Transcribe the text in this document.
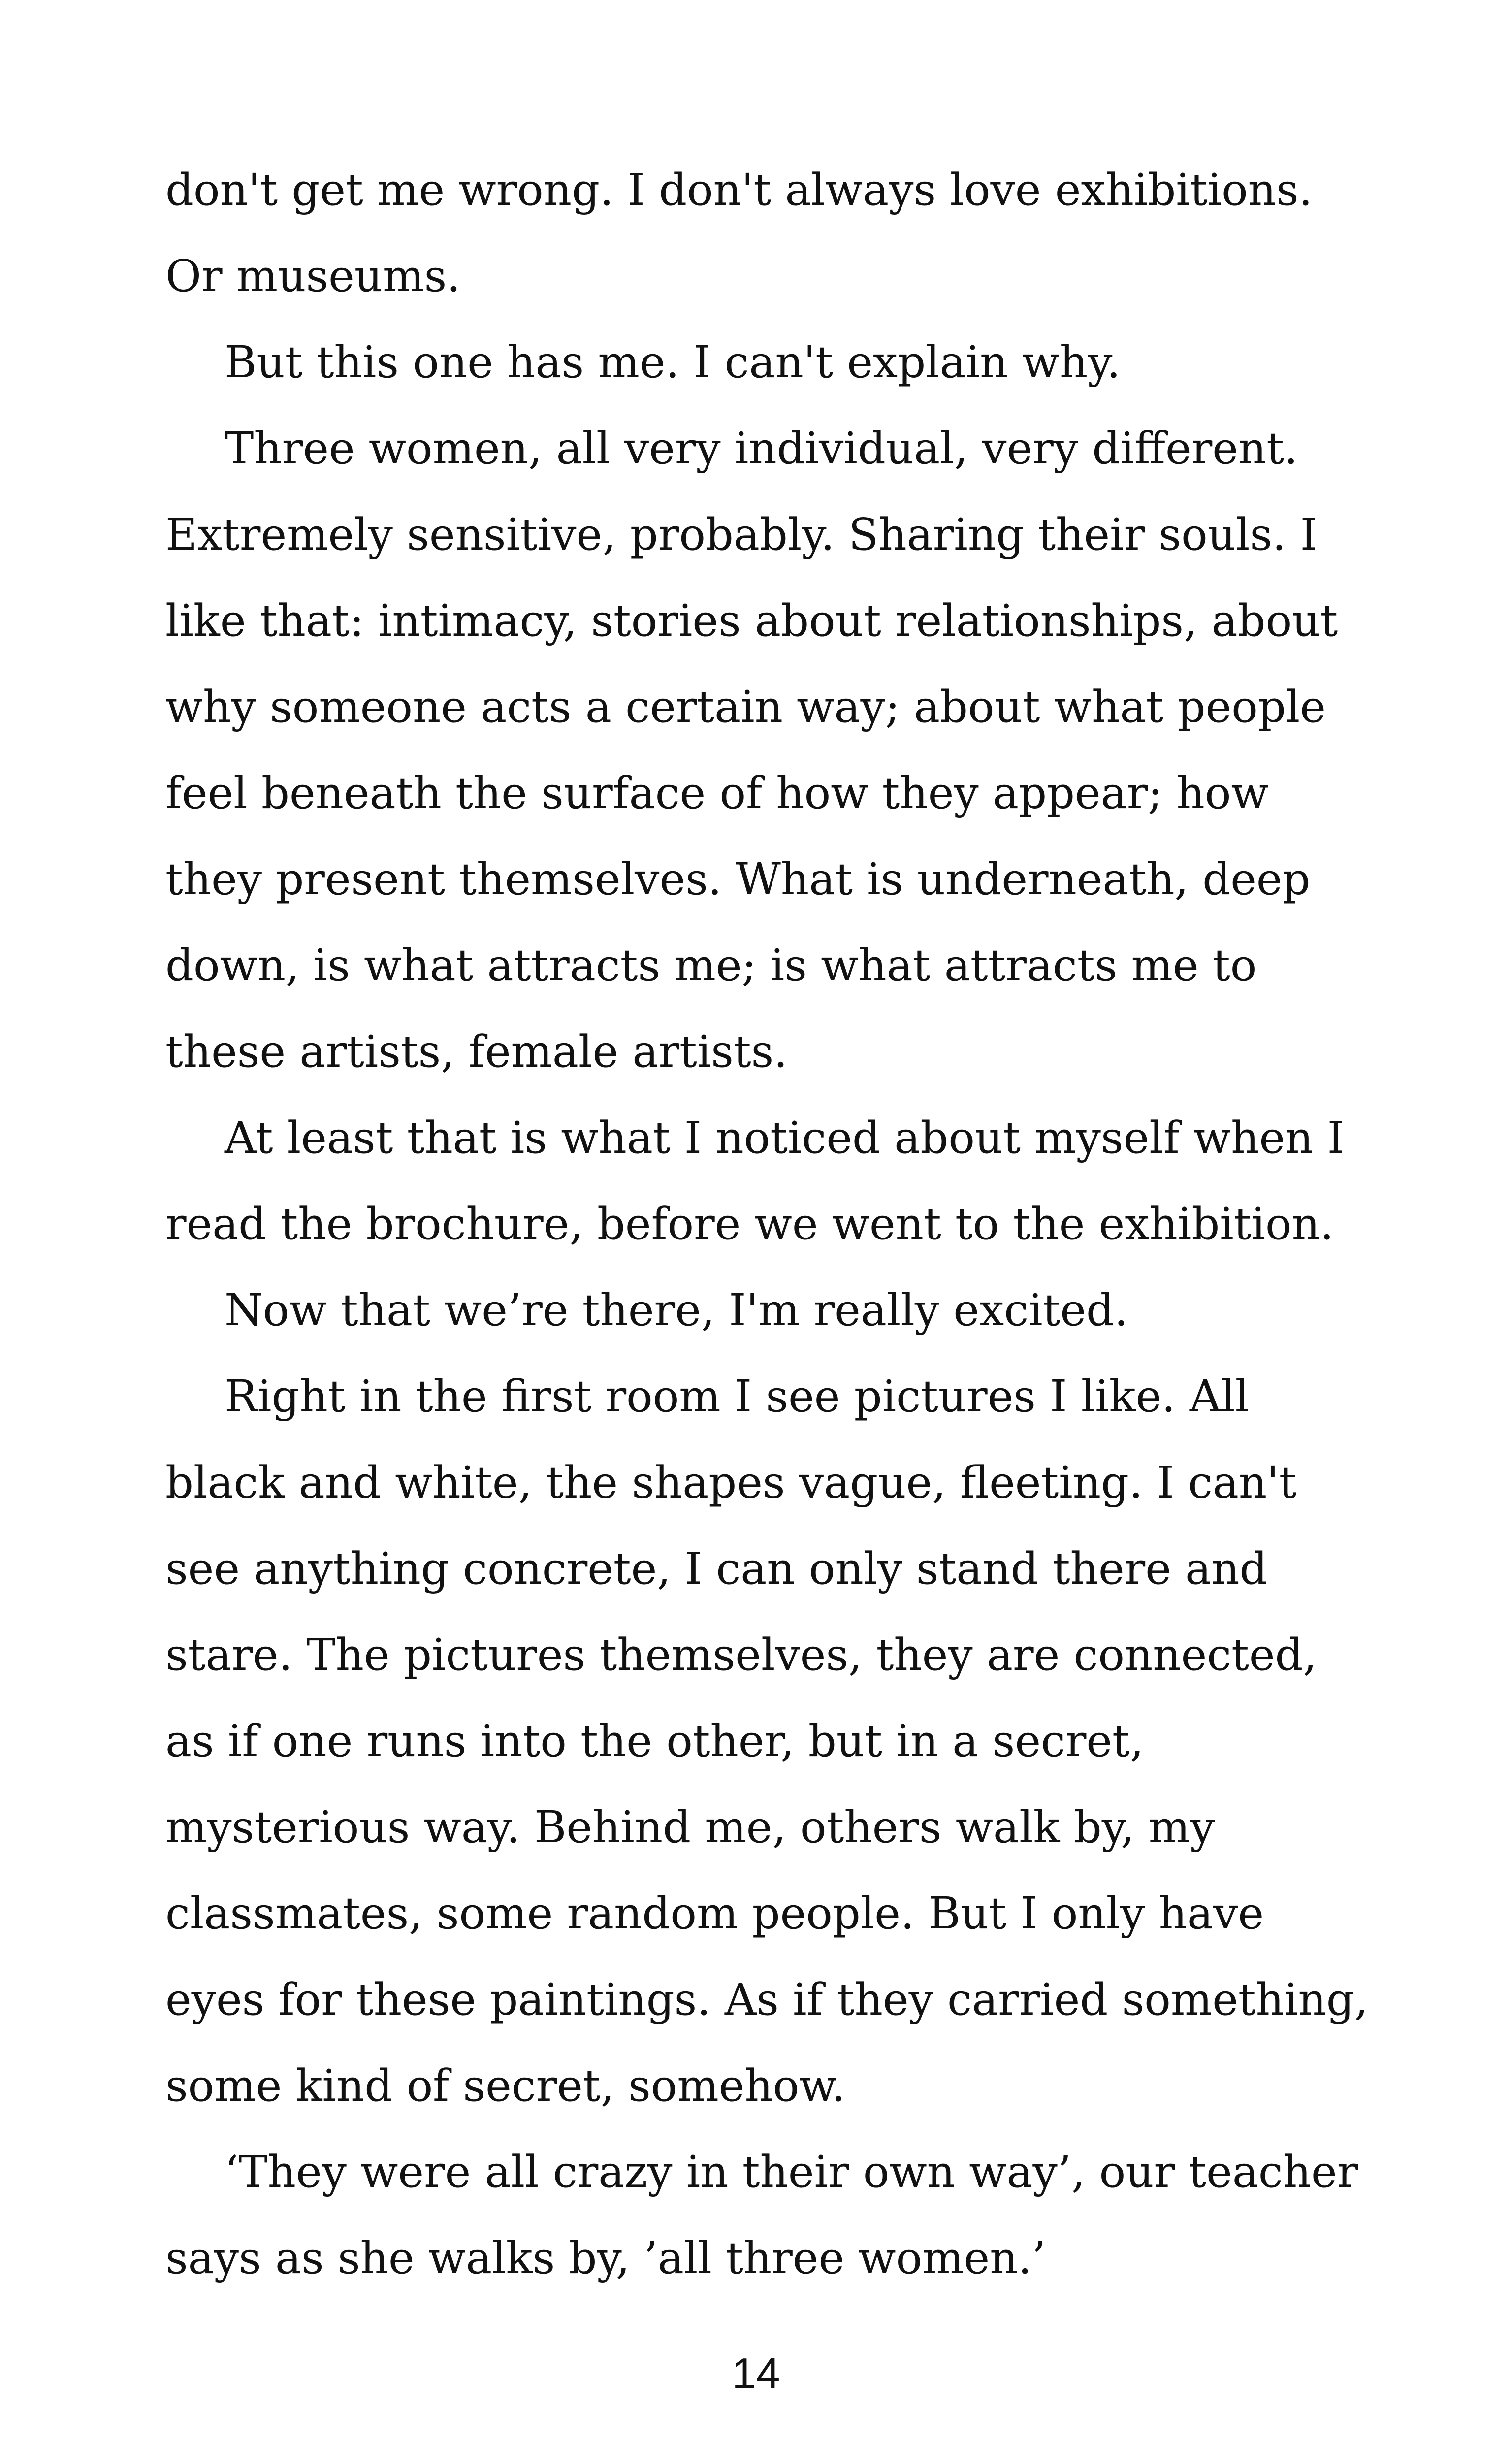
don't get me wrong. I don't always love exhibitions. Or museums.

But this one has me. I can't explain why.

Three women, all very individual, very different. Extremely sensitive, probably. Sharing their souls. I like that: intimacy, stories about relationships, about why someone acts a certain way; about what people feel beneath the surface of how they appear; how they present themselves. What is underneath, deep down, is what attracts me; is what attracts me to these artists, female artists.

At least that is what I noticed about myself when I read the brochure, before we went to the exhibition.

Now that we’re there, I'm really excited.

Right in the first room I see pictures I like. All black and white, the shapes vague, fleeting. I can't see anything concrete, I can only stand there and stare. The pictures themselves, they are connected, as if one runs into the other, but in a secret, mysterious way. Behind me, others walk by, my classmates, some random people. But I only have eyes for these paintings. As if they carried something, some kind of secret, somehow.

‘They were all crazy in their own way’, our teacher says as she walks by, ’all three women.’

14
